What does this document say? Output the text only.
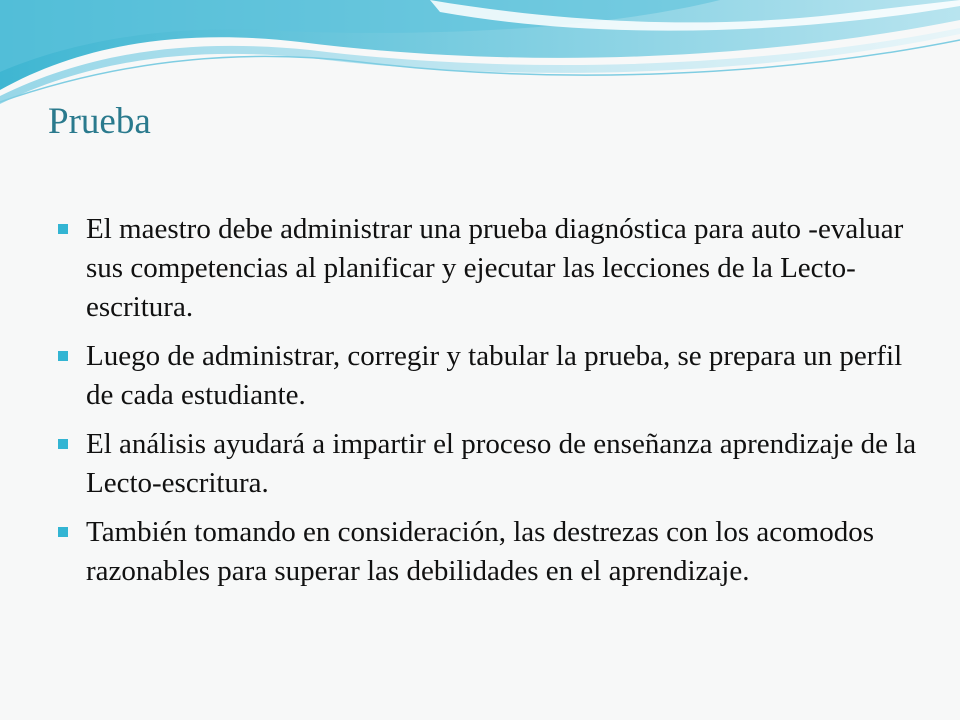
Prueba
El maestro debe administrar una prueba diagnóstica para auto -evaluar sus competencias al planificar y ejecutar las lecciones de la Lecto-escritura.
Luego de administrar, corregir y tabular la prueba, se prepara un perfil de cada estudiante.
El análisis ayudará a impartir el proceso de enseñanza aprendizaje de la Lecto-escritura.
También tomando en consideración, las destrezas con los acomodos razonables para superar las debilidades en el aprendizaje.
